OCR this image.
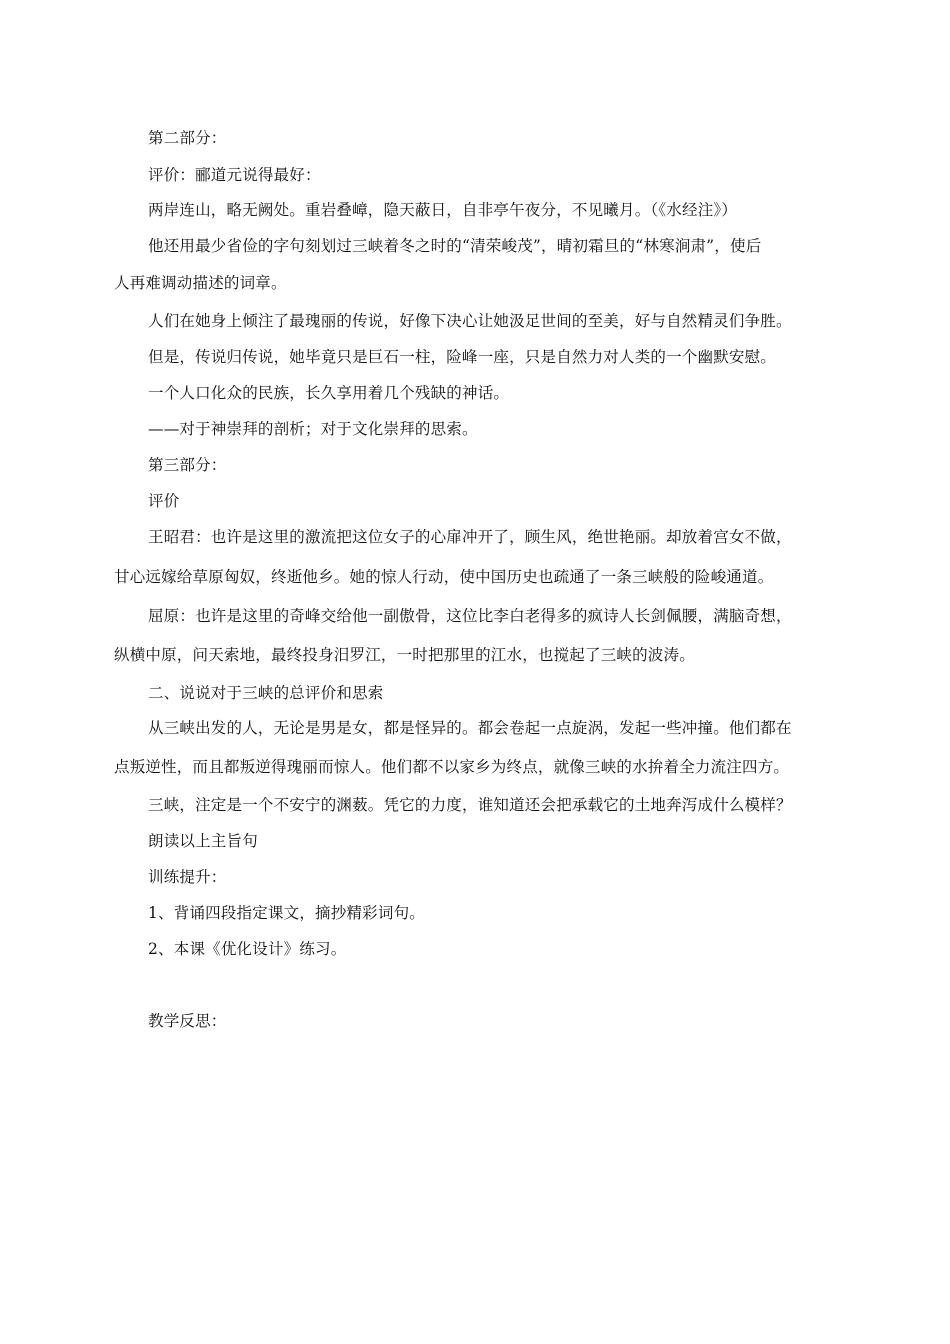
第二部分：
评价：郦道元说得最好：
两岸连山，略无阙处。重岩叠嶂，隐天蔽日，自非亭午夜分，不见曦月。（《水经注》）
他还用最少省俭的字句刻划过三峡着冬之时的“清荣峻茂”，晴初霜旦的“林寒涧肃”，使后
人再难调动描述的词章。
人们在她身上倾注了最瑰丽的传说，好像下决心让她汲足世间的至美，好与自然精灵们争胜。
但是，传说归传说，她毕竟只是巨石一柱，险峰一座，只是自然力对人类的一个幽默安慰。
一个人口化众的民族，长久享用着几个残缺的神话。
——对于神崇拜的剖析；对于文化崇拜的思索。
第三部分：
评价
王昭君：也许是这里的激流把这位女子的心扉冲开了，顾生风，绝世艳丽。却放着宫女不做，
甘心远嫁给草原匈奴，终逝他乡。她的惊人行动，使中国历史也疏通了一条三峡般的险峻通道。
屈原：也许是这里的奇峰交给他一副傲骨，这位比李白老得多的疯诗人长剑佩腰，满脑奇想，
纵横中原，问天索地，最终投身汨罗江，一时把那里的江水，也搅起了三峡的波涛。
二、说说对于三峡的总评价和思索
从三峡出发的人，无论是男是女，都是怪异的。都会卷起一点旋涡，发起一些冲撞。他们都在
点叛逆性，而且都叛逆得瑰丽而惊人。他们都不以家乡为终点，就像三峡的水拚着全力流注四方。
三峡，注定是一个不安宁的渊薮。凭它的力度，谁知道还会把承载它的土地奔泻成什么模样？
朗读以上主旨句
训练提升：
1、背诵四段指定课文，摘抄精彩词句。
2、本课《优化设计》练习。
教学反思：
